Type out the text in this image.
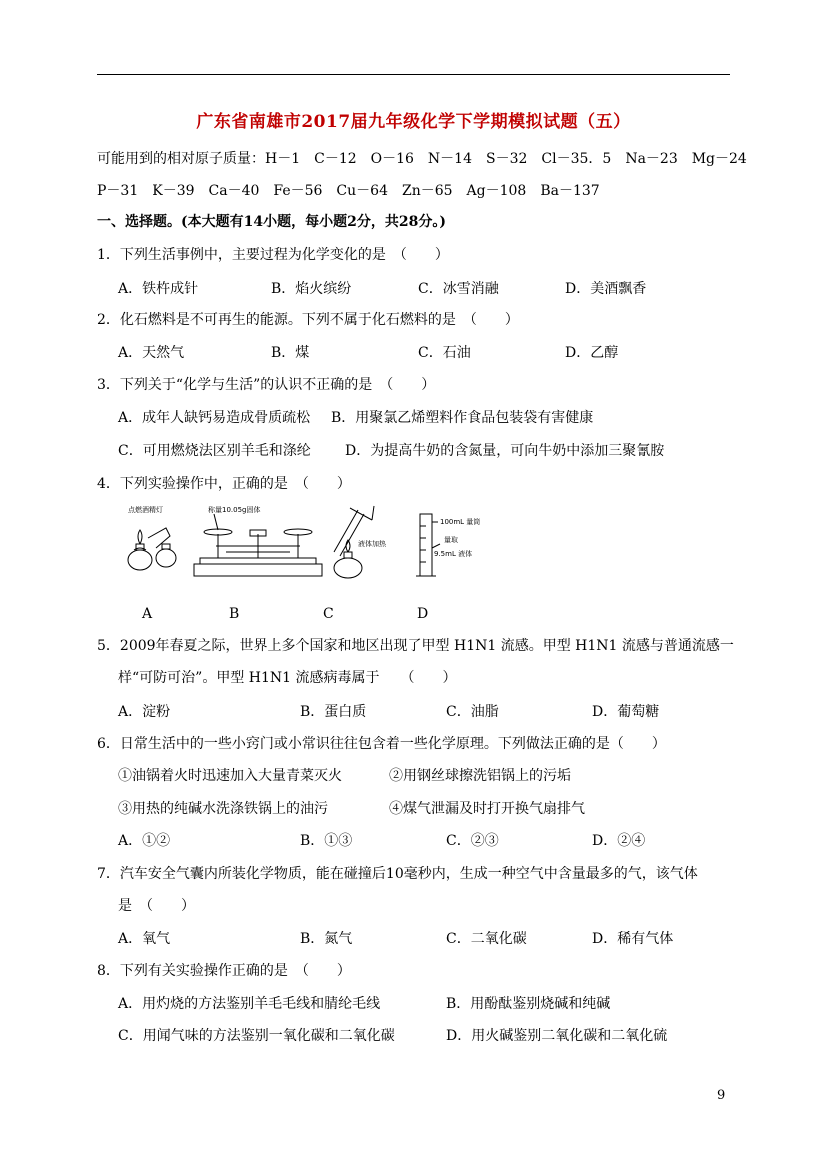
广东省南雄市2017届九年级化学下学期模拟试题（五）
可能用到的相对原子质量：H－1　C－12　O－16　N－14　S－32　Cl－35．5　Na－23　Mg－24
P－31　K－39　Ca－40　Fe－56　Cu－64　Zn－65　Ag－108　Ba－137
一、选择题。(本大题有14小题，每小题2分，共28分。)
1．下列生活事例中，主要过程为化学变化的是　（　　）
A．铁杵成针	B．焰火缤纷	C．冰雪消融	D．美酒飘香
2．化石燃料是不可再生的能源。下列不属于化石燃料的是　（　　）
A．天然气	B．煤	C．石油	D．乙醇
3．下列关于“化学与生活”的认识不正确的是　（　　）
A．成年人缺钙易造成骨质疏松 B．用聚氯乙烯塑料作食品包装袋有害健康
C．可用燃烧法区别羊毛和涤纶 D．为提高牛奶的含氮量，可向牛奶中添加三聚氰胺
4．下列实验操作中，正确的是　（　　）
点燃酒精灯	称量10.05g固体
液体加热
100mL 量筒
量取
9.5mL 液体
A	B	C	D
5．2009年春夏之际，世界上多个国家和地区出现了甲型 H1N1 流感。甲型 H1N1 流感与普通流感一
样“可防可治”。甲型 H1N1 流感病毒属于　　（　　）
A．淀粉	B．蛋白质	C．油脂	D．葡萄糖
6．日常生活中的一些小窍门或小常识往往包含着一些化学原理。下列做法正确的是（　　）
①油锅着火时迅速加入大量青菜灭火	②用钢丝球擦洗铝锅上的污垢
③用热的纯碱水洗涤铁锅上的油污	④煤气泄漏及时打开换气扇排气
A．①②	B．①③	C．②③	D．②④
7．汽车安全气囊内所装化学物质，能在碰撞后10毫秒内，生成一种空气中含量最多的气，该气体
是　（　　）
A．氧气	B．氮气	C．二氧化碳	D．稀有气体
8．下列有关实验操作正确的是　（　　）
A．用灼烧的方法鉴别羊毛毛线和腈纶毛线	B．用酚酞鉴别烧碱和纯碱
C．用闻气味的方法鉴别一氧化碳和二氧化碳	D．用火碱鉴别二氧化碳和二氧化硫
9
